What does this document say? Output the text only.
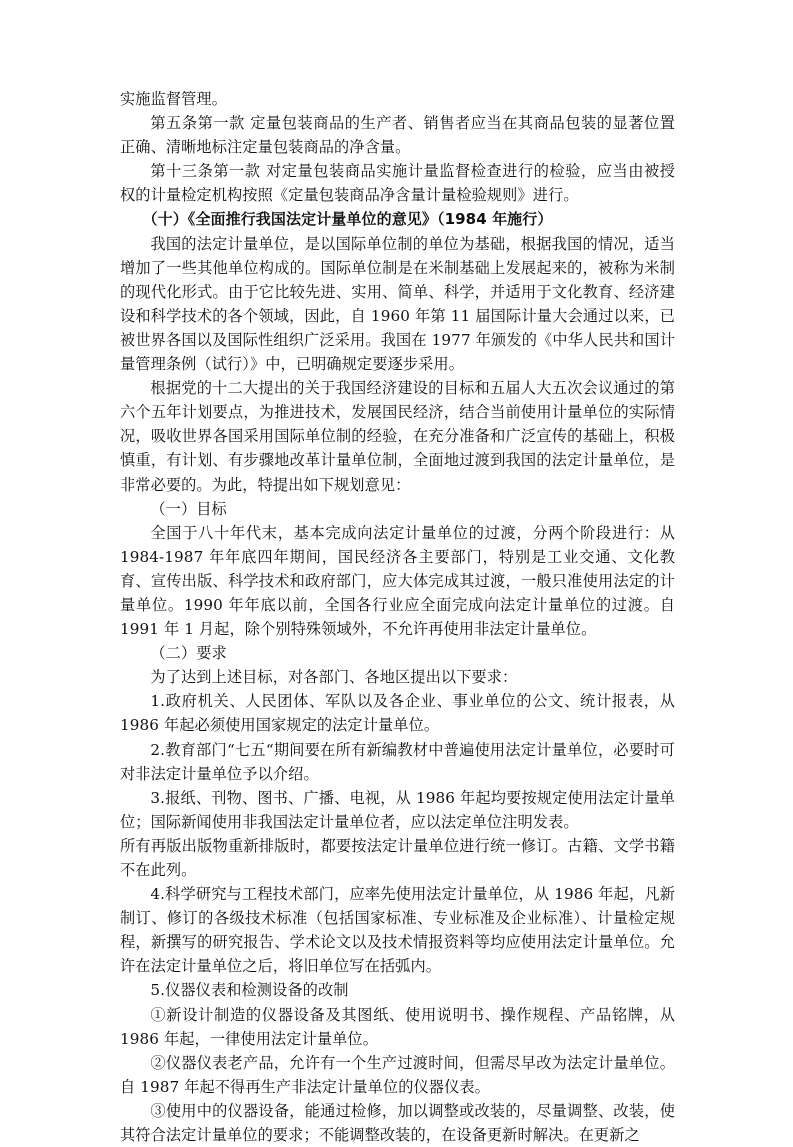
实施监督管理。

第五条第一款 定量包装商品的生产者、销售者应当在其商品包装的显著位置正确、清晰地标注定量包装商品的净含量。

第十三条第一款 对定量包装商品实施计量监督检查进行的检验，应当由被授权的计量检定机构按照《定量包装商品净含量计量检验规则》进行。

（十）《全面推行我国法定计量单位的意见》（1984 年施行）

我国的法定计量单位，是以国际单位制的单位为基础，根据我国的情况，适当增加了一些其他单位构成的。国际单位制是在米制基础上发展起来的，被称为米制的现代化形式。由于它比较先进、实用、简单、科学，并适用于文化教育、经济建设和科学技术的各个领域，因此，自 1960 年第 11 届国际计量大会通过以来，已被世界各国以及国际性组织广泛采用。我国在 1977 年颁发的《中华人民共和国计量管理条例（试行）》中，已明确规定要逐步采用。

根据党的十二大提出的关于我国经济建设的目标和五届人大五次会议通过的第六个五年计划要点，为推进技术，发展国民经济，结合当前使用计量单位的实际情况，吸收世界各国采用国际单位制的经验，在充分准备和广泛宣传的基础上，积极慎重，有计划、有步骤地改革计量单位制，全面地过渡到我国的法定计量单位，是非常必要的。为此，特提出如下规划意见：

（一）目标

全国于八十年代末，基本完成向法定计量单位的过渡，分两个阶段进行：从 1984-1987 年年底四年期间，国民经济各主要部门，特别是工业交通、文化教育、宣传出版、科学技术和政府部门，应大体完成其过渡，一般只准使用法定的计量单位。1990 年年底以前，全国各行业应全面完成向法定计量单位的过渡。自 1991 年 1 月起，除个别特殊领域外，不允许再使用非法定计量单位。

（二）要求

为了达到上述目标，对各部门、各地区提出以下要求：

1.政府机关、人民团体、军队以及各企业、事业单位的公文、统计报表，从 1986 年起必须使用国家规定的法定计量单位。

2.教育部门“七五“期间要在所有新编教材中普遍使用法定计量单位，必要时可对非法定计量单位予以介绍。

3.报纸、刊物、图书、广播、电视，从 1986 年起均要按规定使用法定计量单位；国际新闻使用非我国法定计量单位者，应以法定单位注明发表。

所有再版出版物重新排版时，都要按法定计量单位进行统一修订。古籍、文学书籍不在此列。

4.科学研究与工程技术部门，应率先使用法定计量单位，从 1986 年起，凡新制订、修订的各级技术标准（包括国家标准、专业标准及企业标准）、计量检定规程，新撰写的研究报告、学术论文以及技术情报资料等均应使用法定计量单位。允许在法定计量单位之后，将旧单位写在括弧内。

5.仪器仪表和检测设备的改制

①新设计制造的仪器设备及其图纸、使用说明书、操作规程、产品铭牌，从 1986 年起，一律使用法定计量单位。

②仪器仪表老产品，允许有一个生产过渡时间，但需尽早改为法定计量单位。自 1987 年起不得再生产非法定计量单位的仪器仪表。

③使用中的仪器设备，能通过检修，加以调整或改装的，尽量调整、改装，使其符合法定计量单位的要求；不能调整改装的，在设备更新时解决。在更新之
